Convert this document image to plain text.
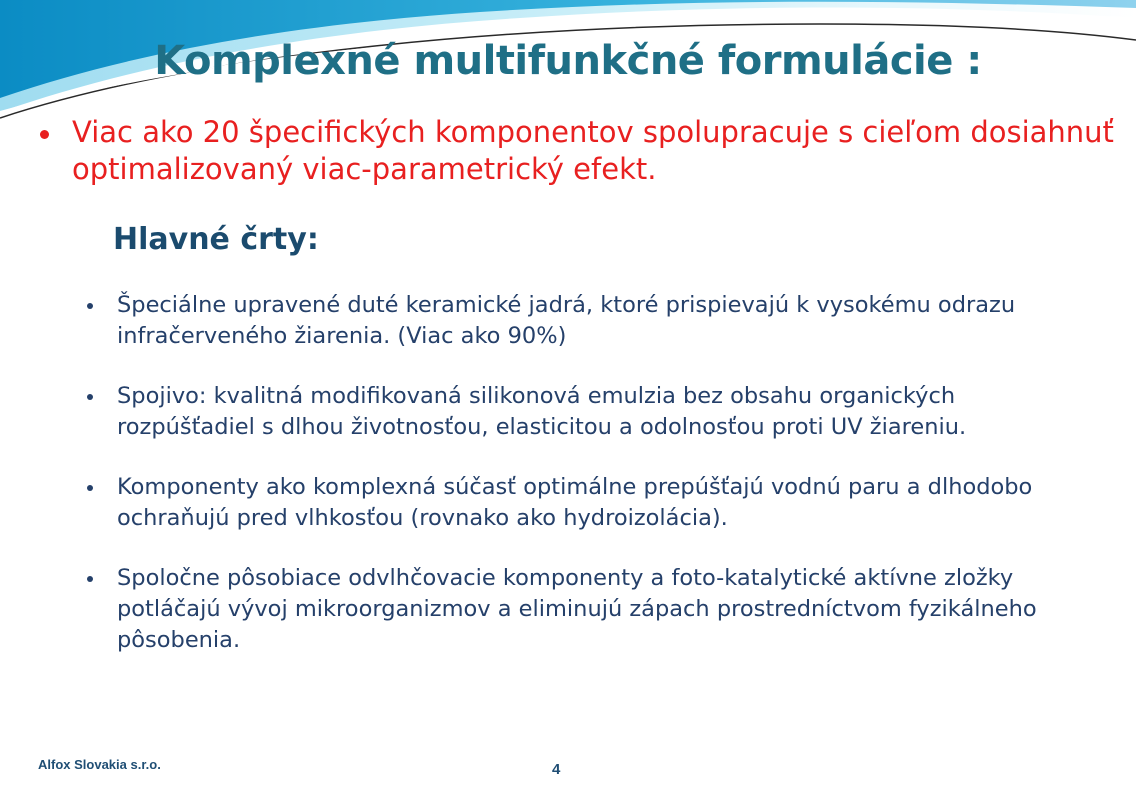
Komplexné multifunkčné formulácie :
Viac ako 20 špecifických komponentov spolupracuje s cieľom dosiahnuť optimalizovaný viac-parametrický efekt.
Hlavné črty:
Špeciálne upravené duté keramické jadrá, ktoré prispievajú k vysokému odrazu infračerveného žiarenia. (Viac ako 90%)
Spojivo: kvalitná modifikovaná silikonová emulzia bez obsahu organických rozpúšťadiel s dlhou životnosťou, elasticitou a odolnosťou proti UV žiareniu.
Komponenty ako komplexná súčasť optimálne prepúšťajú vodnú paru a dlhodobo ochraňujú pred vlhkosťou (rovnako ako hydroizolácia).
Spoločne pôsobiace odvlhčovacie komponenty a foto-katalytické aktívne zložky potláčajú vývoj mikroorganizmov a eliminujú zápach prostredníctvom fyzikálneho pôsobenia.
Alfox Slovakia s.r.o.	4
